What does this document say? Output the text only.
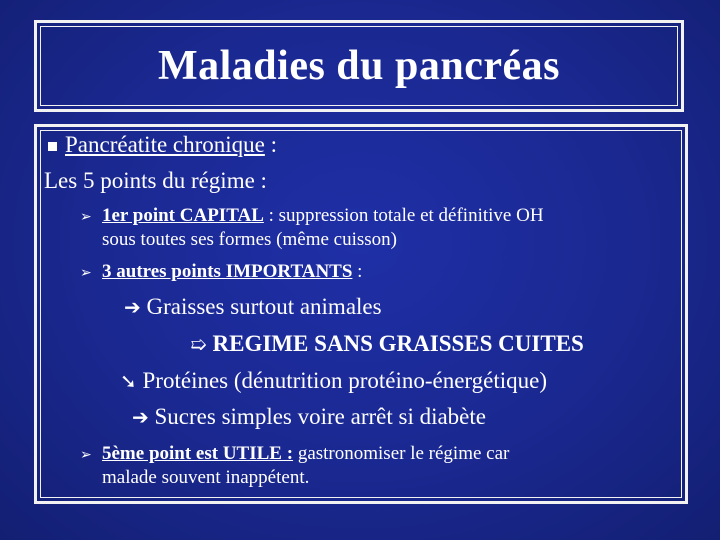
Maladies du pancréas
Pancréatite chronique :
Les 5 points du régime :
➢ 1er point CAPITAL : suppression totale et définitive OH
sous toutes ses formes (même cuisson)
➢ 3 autres points IMPORTANTS :
➔ Graisses surtout animales
➯ REGIME SANS GRAISSES CUITES
➘ Protéines (dénutrition protéino-énergétique)
➔ Sucres simples voire arrêt si diabète
➢ 5ème point est UTILE : gastronomiser le régime car
malade souvent inappétent.
